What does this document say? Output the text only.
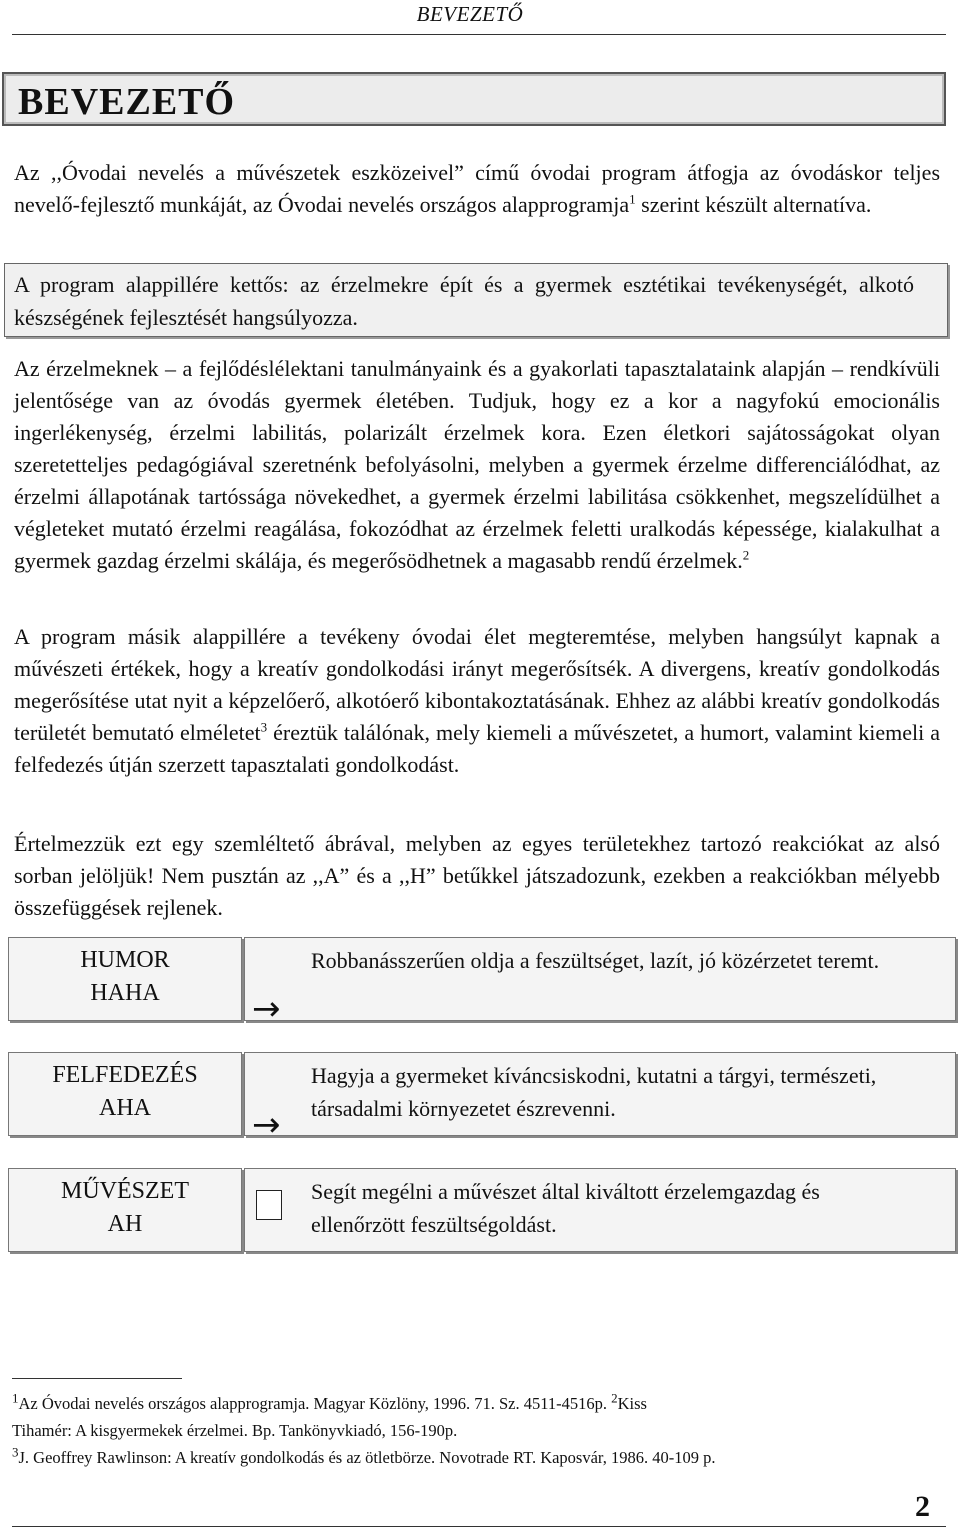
BEVEZETŐ
BEVEZETŐ

Az ,,Óvodai nevelés a művészetek eszközeivel” című óvodai program átfogja az óvodáskor teljes nevelő-fejlesztő munkáját, az Óvodai nevelés országos alapprogramja$^1$ szerint készült alternatíva.

A program alappillére kettős: az érzelmekre épít és a gyermek esztétikai tevékenységét, alkotó készségének fejlesztését hangsúlyozza.

Az érzelmeknek – a fejlődéslélektani tanulmányaink és a gyakorlati tapasztalataink alapján – rendkívüli jelentősége van az óvodás gyermek életében. Tudjuk, hogy ez a kor a nagyfokú emocionális ingerlékenység, érzelmi labilitás, polarizált érzelmek kora. Ezen életkori sajátosságokat olyan szeretetteljes pedagógiával szeretnénk befolyásolni, melyben a gyermek érzelme differenciálódhat, az érzelmi állapotának tartóssága növekedhet, a gyermek érzelmi labilitása csökkenhet, megszelídülhet a végleteket mutató érzelmi reagálása, fokozódhat az érzelmek feletti uralkodás képessége, kialakulhat a gyermek gazdag érzelmi skálája, és megerősödhetnek a magasabb rendű érzelmek.$^2$

A program másik alappillére a tevékeny óvodai élet megteremtése, melyben hangsúlyt kapnak a művészeti értékek, hogy a kreatív gondolkodási irányt megerősítsék. A divergens, kreatív gondolkodás megerősítése utat nyit a képzelőerő, alkotóerő kibontakoztatásának. Ehhez az alábbi kreatív gondolkodás területét bemutató elméletet$^3$ éreztük találónak, mely kiemeli a művészetet, a humort, valamint kiemeli a felfedezés útján szerzett tapasztalati gondolkodást.

Értelmezzük ezt egy szemléltető ábrával, melyben az egyes területekhez tartozó reakciókat az alsó sorban jelöljük! Nem pusztán az ,,A” és a ,,H” betűkkel játszadozunk, ezekben a reakciókban mélyebb összefüggések rejlenek.

HUMOR
HAHA
Robbanásszerűen oldja a feszültséget, lazít, jó közérzetet teremt.
→
FELFEDEZÉS
AHA
Hagyja a gyermeket kíváncsiskodni, kutatni a tárgyi, természeti, társadalmi környezetet észrevenni.
→
MŰVÉSZET
AH
Segít megélni a művészet által kiváltott érzelemgazdag és ellenőrzött feszültségoldást.
$^1$Az Óvodai nevelés országos alapprogramja. Magyar Közlöny, 1996. 71. Sz. 4511-4516p. $^2$Kiss
Tihamér: A kisgyermekek érzelmei. Bp. Tankönyvkiadó, 156-190p.
$^3$J. Geoffrey Rawlinson: A kreatív gondolkodás és az ötletbörze. Novotrade RT. Kaposvár, 1986. 40-109 p.
2
